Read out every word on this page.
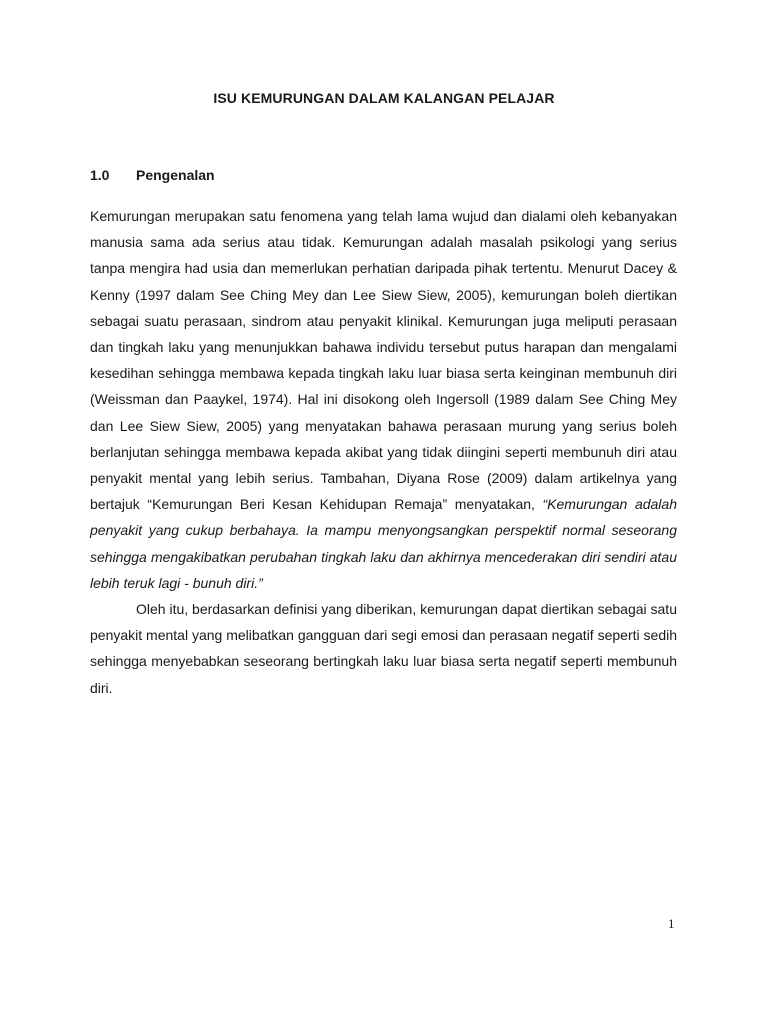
ISU KEMURUNGAN DALAM KALANGAN PELAJAR
1.0	Pengenalan

Kemurungan merupakan satu fenomena yang telah lama wujud dan dialami oleh kebanyakan manusia sama ada serius atau tidak. Kemurungan adalah masalah psikologi yang serius tanpa mengira had usia dan memerlukan perhatian daripada pihak tertentu. Menurut Dacey & Kenny (1997 dalam See Ching Mey dan Lee Siew Siew, 2005), kemurungan boleh diertikan sebagai suatu perasaan, sindrom atau penyakit klinikal. Kemurungan juga meliputi perasaan dan tingkah laku yang menunjukkan bahawa individu tersebut putus harapan dan mengalami kesedihan sehingga membawa kepada tingkah laku luar biasa serta keinginan membunuh diri (Weissman dan Paaykel, 1974). Hal ini disokong oleh Ingersoll (1989 dalam See Ching Mey dan Lee Siew Siew, 2005) yang menyatakan bahawa perasaan murung yang serius boleh berlanjutan sehingga membawa kepada akibat yang tidak diingini seperti membunuh diri atau penyakit mental yang lebih serius. Tambahan, Diyana Rose (2009) dalam artikelnya yang bertajuk “Kemurungan Beri Kesan Kehidupan Remaja” menyatakan, “Kemurungan adalah penyakit yang cukup berbahaya. Ia mampu menyongsangkan perspektif normal seseorang sehingga mengakibatkan perubahan tingkah laku dan akhirnya mencederakan diri sendiri atau lebih teruk lagi - bunuh diri.”

Oleh itu, berdasarkan definisi yang diberikan, kemurungan dapat diertikan sebagai satu penyakit mental yang melibatkan gangguan dari segi emosi dan perasaan negatif seperti sedih sehingga menyebabkan seseorang bertingkah laku luar biasa serta negatif seperti membunuh diri.

1
